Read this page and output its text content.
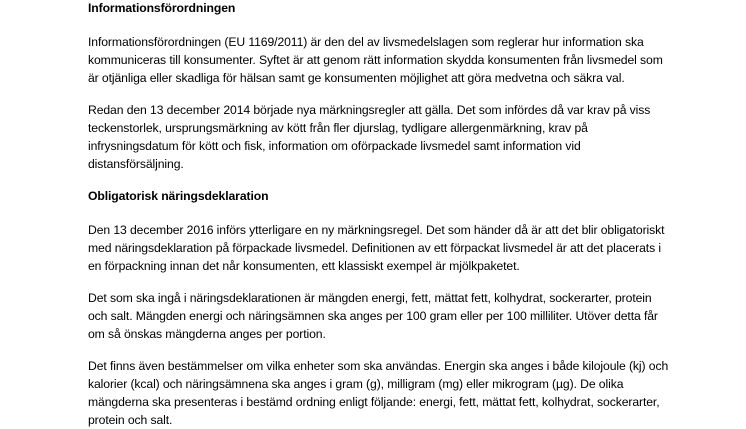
Informationsförordningen
Informationsförordningen (EU 1169/2011) är den del av livsmedelslagen som reglerar hur information ska
kommuniceras till konsumenter. Syftet är att genom rätt information skydda konsumenten från livsmedel som
är otjänliga eller skadliga för hälsan samt ge konsumenten möjlighet att göra medvetna och säkra val.
Redan den 13 december 2014 började nya märkningsregler att gälla. Det som infördes då var krav på viss
teckenstorlek, ursprungsmärkning av kött från fler djurslag, tydligare allergenmärkning, krav på
infrysningsdatum för kött och fisk, information om oförpackade livsmedel samt information vid
distansförsäljning.
Obligatorisk näringsdeklaration
Den 13 december 2016 införs ytterligare en ny märkningsregel. Det som händer då är att det blir obligatoriskt
med näringsdeklaration på förpackade livsmedel. Definitionen av ett förpackat livsmedel är att det placerats i
en förpackning innan det når konsumenten, ett klassiskt exempel är mjölkpaketet.
Det som ska ingå i näringsdeklarationen är mängden energi, fett, mättat fett, kolhydrat, sockerarter, protein
och salt. Mängden energi och näringsämnen ska anges per 100 gram eller per 100 milliliter. Utöver detta får
om så önskas mängderna anges per portion.
Det finns även bestämmelser om vilka enheter som ska användas. Energin ska anges i både kilojoule (kj) och
kalorier (kcal) och näringsämnena ska anges i gram (g), milligram (mg) eller mikrogram (µg). De olika
mängderna ska presenteras i bestämd ordning enligt följande: energi, fett, mättat fett, kolhydrat, sockerarter,
protein och salt.
